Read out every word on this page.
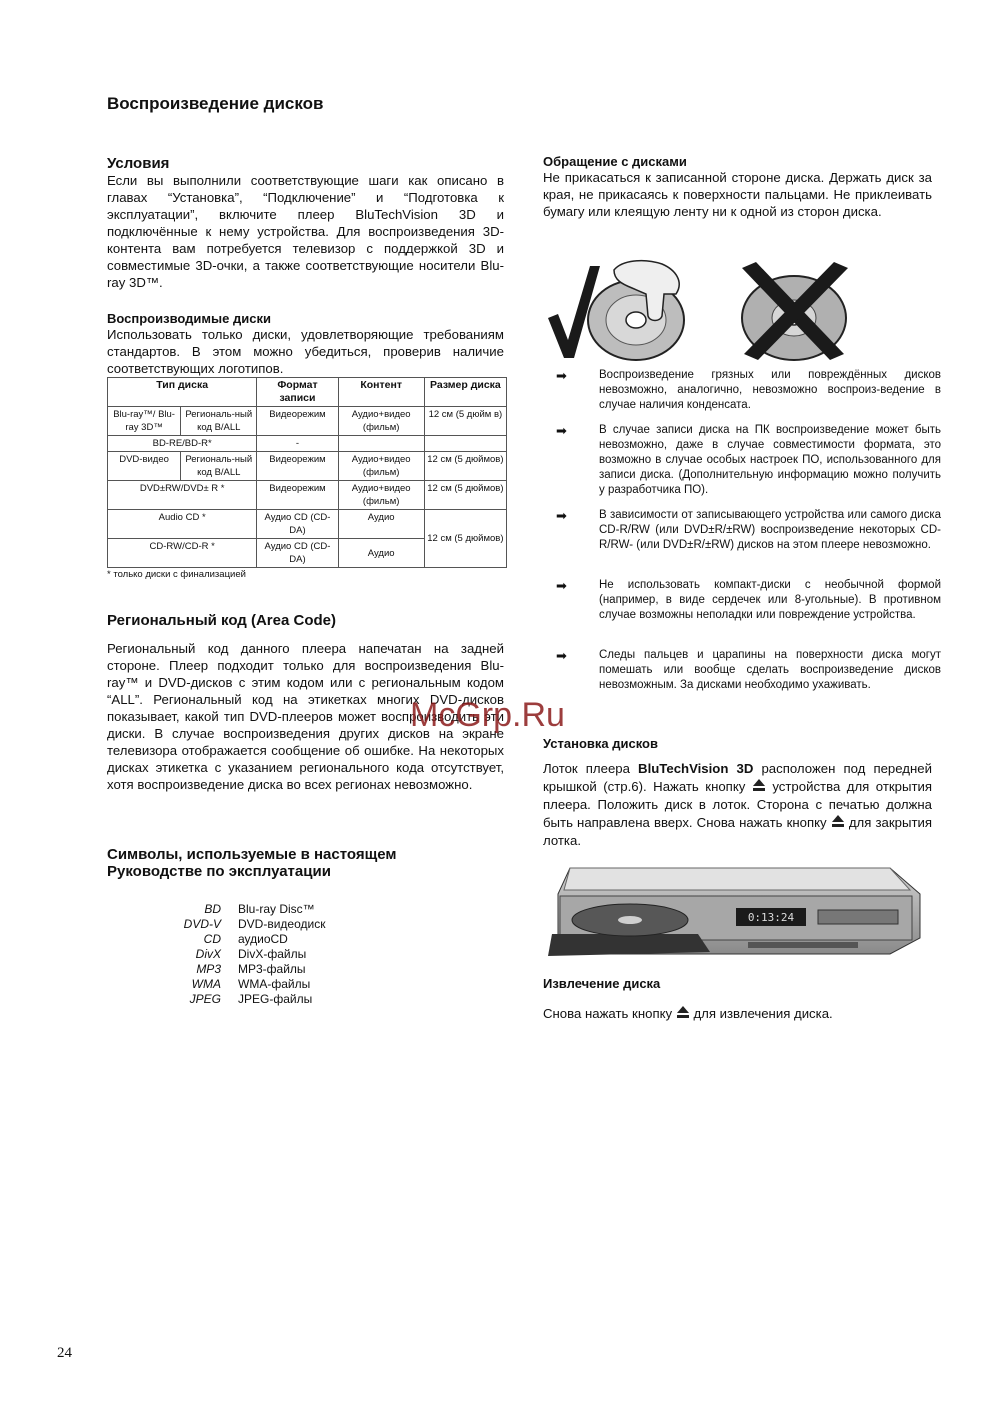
Воспроизведение дисков

Условия

Если вы выполнили соответствующие шаги как описано в главах “Установка”, “Подключение” и “Подготовка к эксплуатации”, включите плеер BluTechVision 3D и подключённые к нему устройства. Для воспроизведения 3D-контента вам потребуется телевизор с поддержкой 3D и совместимые 3D-очки, а также соответствующие носители Blu-ray 3D™.

Воспроизводимые диски

Использовать только диски, удовлетворяющие требованиям стандартов. В этом можно убедиться, проверив наличие соответствующих логотипов.

Тип диска		Формат записи	Контент	Размер диска
Blu-ray™/ Blu-ray 3D™	Региональ-ный код B/ALL	Видеорежим	Аудио+видео (фильм)	12 см (5 дюйм в)
BD-RE/BD-R*		-		
DVD-видео	Региональ-ный код B/ALL	Видеорежим	Аудио+видео (фильм)	12 см (5 дюймов)
DVD±RW/DVD± R *		Видеорежим	Аудио+видео (фильм)	12 см (5 дюймов)
Audio CD *		Аудио CD (CD-DA)	Аудио	12 см (5 дюймов)
CD-RW/CD-R *		Аудио CD (CD-DA)	Аудио	
* только диски с финализацией

Региональный код (Area Code)

Региональный код данного плеера напечатан на задней стороне. Плеер подходит только для воспроизведения Blu- ray™ и DVD-дисков с этим кодом или с региональным кодом “ALL”. Региональный код на этикетках многих DVD-дисков показывает, какой тип DVD-плееров может воспроизводить эти диски. В случае воспроизведения других дисков на экране телевизора отображается сообщение об ошибке. На некоторых дисках этикетка с указанием регионального кода отсутствует, хотя воспроизведение диска во всех регионах невозможно.

Символы, используемые в настоящем

Руководстве по эксплуатации

BD	Blu-ray Disc™
DVD-V	DVD-видеодиск
CD	аудиоCD
DivX	DivX-файлы
MP3	MP3-файлы
WMA	WMA-файлы
JPEG	JPEG-файлы

Обращение с дисками

Не прикасаться к записанной стороне диска. Держать диск за края, не прикасаясь к поверхности пальцами. Не приклеивать бумагу или клеящую ленту ни к одной из сторон диска.

➡	Воспроизведение грязных или повреждённых дисков невозможно, аналогично, невозможно воспроиз-ведение в случае наличия конденсата.

➡	В случае записи диска на ПК воспроизведение может быть невозможно, даже в случае совместимости формата, это возможно в случае особых настроек ПО, использованного для записи диска. (Дополнительную информацию можно получить у разработчика ПО).

➡	В зависимости от записывающего устройства или самого диска CD-R/RW (или DVD±R/±RW) воспроизведение некоторых CD-R/RW- (или DVD±R/±RW) дисков на этом плеере невозможно.

➡	Не использовать компакт-диски с необычной формой (например, в виде сердечек или 8-угольные). В противном случае возможны неполадки или повреждение устройства.

➡	Следы пальцев и царапины на поверхности диска могут помешать или вообще сделать воспроизведение дисков невозможным. За дисками необходимо ухаживать.

Установка дисков

Лоток плеера BluTechVision 3D расположен под передней крышкой (стр.6). Нажать кнопку устройства для открытия плеера. Положить диск в лоток. Сторона с печатью должна быть направлена вверх. Снова нажать кнопку для закрытия лотка.

0:13:24

Извлечение диска

Снова нажать кнопку для извлечения диска.

McGrp.Ru
24
